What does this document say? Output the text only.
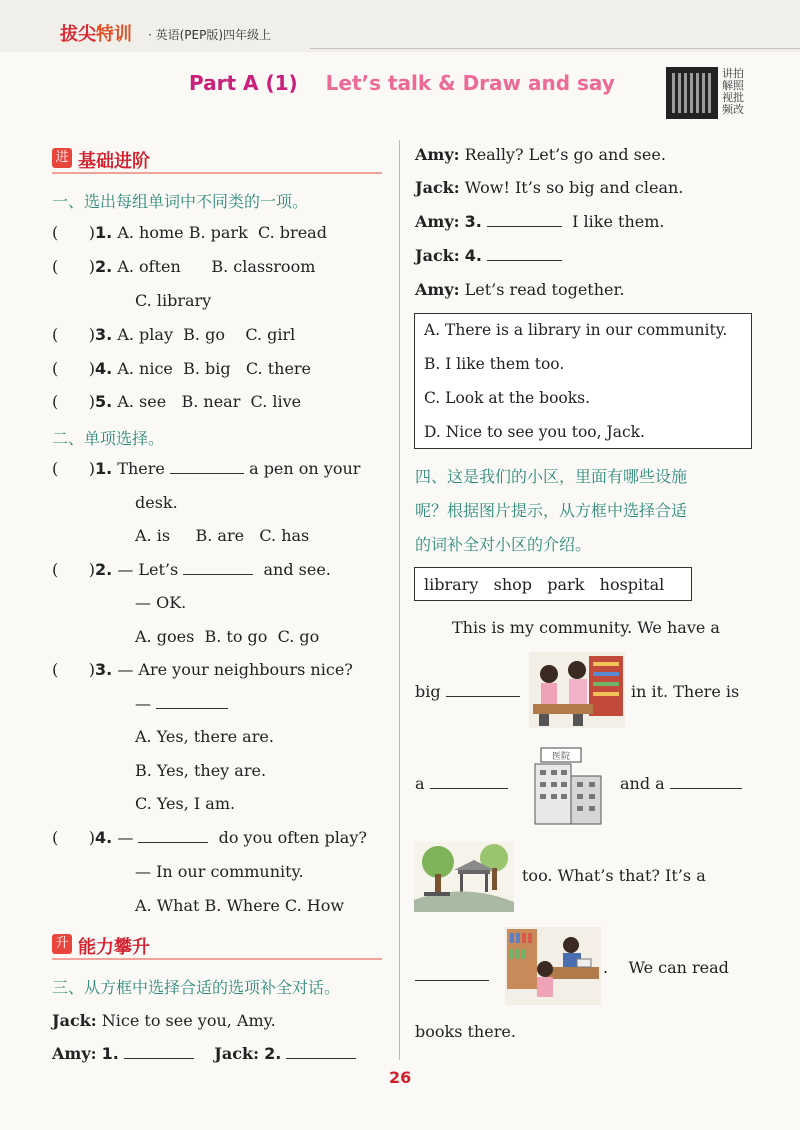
拔尖特训 · 英语(PEP版)四年级上
Part A (1) Let’s talk & Draw and say	讲拍解照视批频改
进 基础进阶
一、选出每组单词中不同类的一项。
(      )1. A. home B. park C. bread
(      )2. A. often B. classroom
C. library
(      )3. A. play B. go C. girl
(      )4. A. nice B. big C. there
(      )5. A. see B. near C. live
二、单项选择。
(      )1. There	a pen on your
desk.
A. is B. are C. has
(      )2. — Let’s	and see.
— OK.
A. goes B. to go C. go
(      )3. — Are your neighbours nice?
—
A. Yes, there are.
B. Yes, they are.
C. Yes, I am.
(      )4. —	do you often play?
— In our community.
A. What B. Where C. How
升 能力攀升
三、从方框中选择合适的选项补全对话。
Jack: Nice to see you, Amy.
Amy: 1.	Jack: 2.
Amy: Really? Let’s go and see.
Jack: Wow! It’s so big and clean.
Amy: 3.	I like them.
Jack: 4.
Amy: Let’s read together.
A. There is a library in our community.
B. I like them too.
C. Look at the books.
D. Nice to see you too, Jack.
四、这是我们的小区，里面有哪些设施
呢？根据图片提示，从方框中选择合适
的词补全对小区的介绍。
library   shop   park   hospital
This is my community. We have a
big	in it. There is
a
医院
and a
too. What’s that? It’s a
.    We can read
books there.
26
